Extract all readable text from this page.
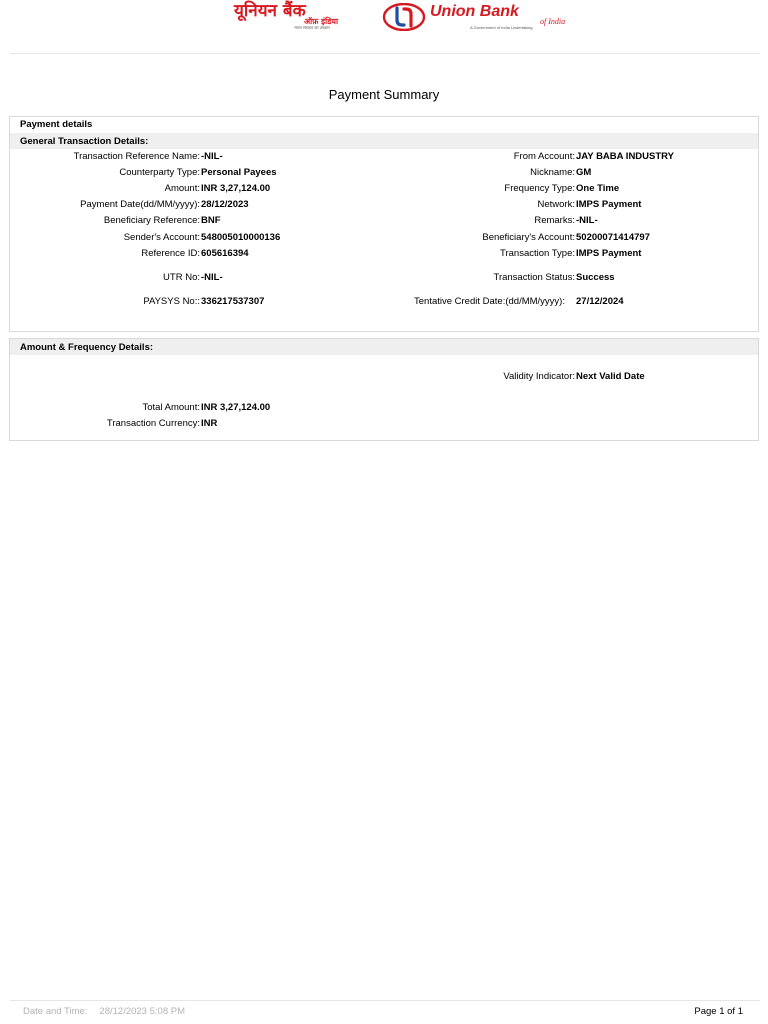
यूनियन बैंक
ऑफ़ इंडिया
भारत सरकार का उपक्रम
Union Bank
of India
A Government of India Undertaking
Payment Summary
Payment details
General Transaction Details:
Transaction Reference Name: -NIL-
Counterparty Type: Personal Payees
Amount: INR 3,27,124.00
Payment Date(dd/MM/yyyy): 28/12/2023
Beneficiary Reference: BNF
Sender's Account: 548005010000136
Reference ID: 605616394
UTR No: -NIL-
PAYSYS No:: 336217537307
From Account: JAY BABA INDUSTRY
Nickname: GM
Frequency Type: One Time
Network: IMPS Payment
Remarks: -NIL-
Beneficiary's Account: 50200071414797
Transaction Type: IMPS Payment
Transaction Status: Success
Tentative Credit Date:(dd/MM/yyyy): 27/12/2024
Amount & Frequency Details:
Validity Indicator: Next Valid Date
Total Amount: INR 3,27,124.00
Transaction Currency: INR
Date and Time: 28/12/2023 5:08 PM	Page 1 of 1
